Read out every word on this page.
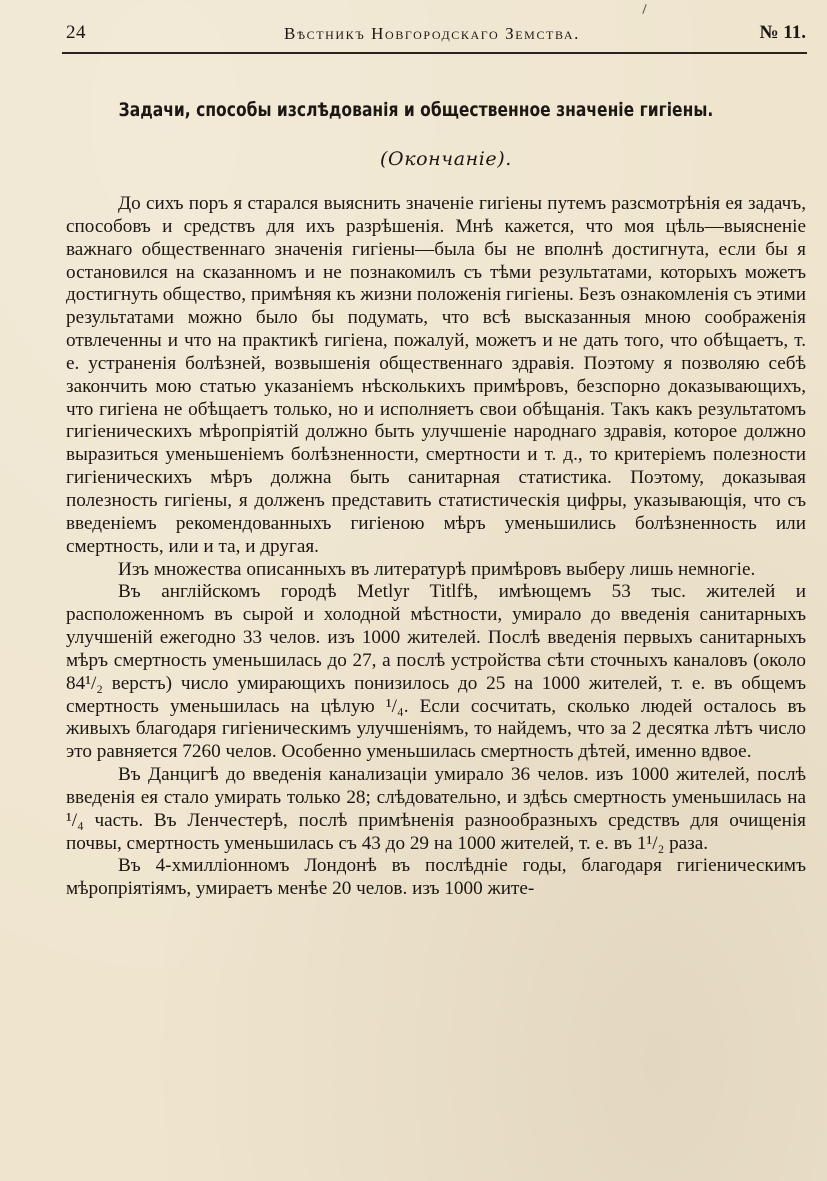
24	Вѣстникъ Новгородскаго Земства.	№ 11.
Задачи, способы изслѣдованія и общественное значеніе гигіены.
(Окончаніе).

До сихъ поръ я старался выяснить значеніе гигіены путемъ разсмотрѣнія ея задачъ, способовъ и средствъ для ихъ разрѣшенія. Мнѣ кажется, что моя цѣль—выясненіе важнаго общественнаго значенія гигіены—была бы не вполнѣ достигнута, если бы я остановился на сказанномъ и не познакомилъ съ тѣми результатами, которыхъ можетъ достигнуть общество, примѣняя къ жизни положенія гигіены. Безъ ознакомленія съ этими результатами можно было бы подумать, что всѣ высказанныя мною соображенія отвлеченны и что на практикѣ гигіена, пожалуй, можетъ и не дать того, что обѣщаетъ, т. е. устраненія болѣзней, возвышенія общественнаго здравія. Поэтому я позволяю себѣ закончить мою статью указаніемъ нѣсколькихъ примѣровъ, безспорно доказывающихъ, что гигіена не обѣщаетъ только, но и исполняетъ свои обѣщанія. Такъ какъ результатомъ гигіеническихъ мѣропріятій должно быть улучшеніе народнаго здравія, которое должно выразиться уменьшеніемъ болѣзненности, смертности и т. д., то критеріемъ полезности гигіеническихъ мѣръ должна быть санитарная статистика. Поэтому, доказывая полезность гигіены, я долженъ представить статистическія цифры, указывающія, что съ введеніемъ рекомендованныхъ гигіеною мѣръ уменьшились болѣзненность или смертность, или и та, и другая.

Изъ множества описанныхъ въ литературѣ примѣровъ выберу лишь немногіе.

Въ англійскомъ городѣ Metlyr Titlfѣ, имѣющемъ 53 тыс. жителей и расположенномъ въ сырой и холодной мѣстности, умирало до введенія санитарныхъ улучшеній ежегодно 33 челов. изъ 1000 жителей. Послѣ введенія первыхъ санитарныхъ мѣръ смертность уменьшилась до 27, а послѣ устройства сѣти сточныхъ каналовъ (около 84¹/₂ верстъ) число умирающихъ понизилось до 25 на 1000 жителей, т. е. въ общемъ смертность уменьшилась на цѣлую ¹/₄. Если сосчитать, сколько людей осталось въ живыхъ благодаря гигіеническимъ улучшеніямъ, то найдемъ, что за 2 десятка лѣтъ число это равняется 7260 челов. Особенно уменьшилась смертность дѣтей, именно вдвое.

Въ Данцигѣ до введенія канализаціи умирало 36 челов. изъ 1000 жителей, послѣ введенія ея стало умирать только 28; слѣдовательно, и здѣсь смертность уменьшилась на ¹/₄ часть. Въ Ленчестерѣ, послѣ примѣненія разнообразныхъ средствъ для очищенія почвы, смертность уменьшилась съ 43 до 29 на 1000 жителей, т. е. въ 1¹/₂ раза.

Въ 4-хмилліонномъ Лондонѣ въ послѣдніе годы, благодаря гигіеническимъ мѣропріятіямъ, умираетъ менѣе 20 челов. изъ 1000 жите-
